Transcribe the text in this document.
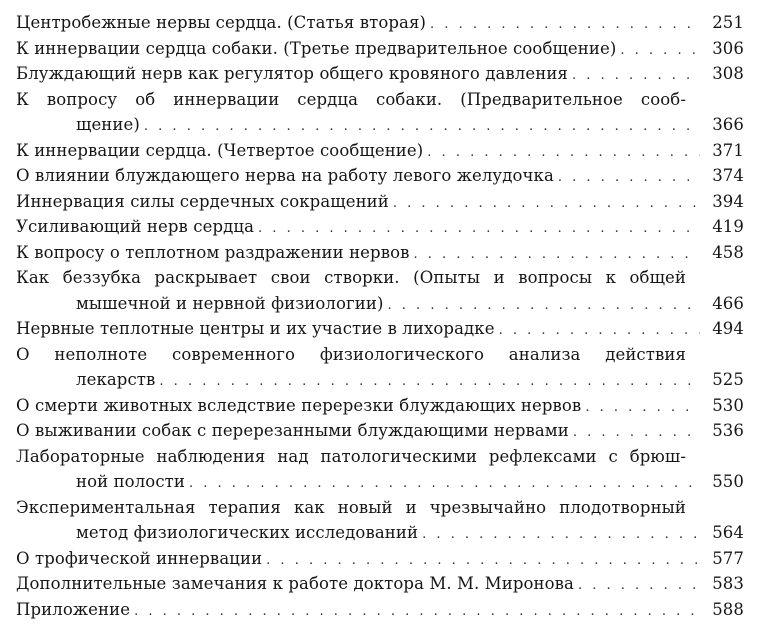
Центробежные нервы сердца. (Статья вторая) . . .	251
К иннервации сердца собаки. (Третье предварительное сообщение) . . .	306
Блуждающий нерв как регулятор общего кровяного давления . . .	308
К вопросу об иннервации сердца собаки. (Предварительное сооб-
щение) . . .	366
К иннервации сердца. (Четвертое сообщение) . . .	371
О влиянии блуждающего нерва на работу левого желудочка . . .	374
Иннервация силы сердечных сокращений . . .	394
Усиливающий нерв сердца . . .	419
К вопросу о теплотном раздражении нервов . . .	458
Как беззубка раскрывает свои створки. (Опыты и вопросы к общей
мышечной и нервной физиологии) . . .	466
Нервные теплотные центры и их участие в лихорадке . . .	494
О неполноте современного физиологического анализа действия
лекарств . . .	525
О смерти животных вследствие перерезки блуждающих нервов . . .	530
О выживании собак с перерезанными блуждающими нервами . . .	536
Лабораторные наблюдения над патологическими рефлексами с брюш-
ной полости . . .	550
Экспериментальная терапия как новый и чрезвычайно плодотворный
метод физиологических исследований . . .	564
О трофической иннервации . . .	577
Дополнительные замечания к работе доктора М. М. Миронова . . .	583
Приложение . . .	588
